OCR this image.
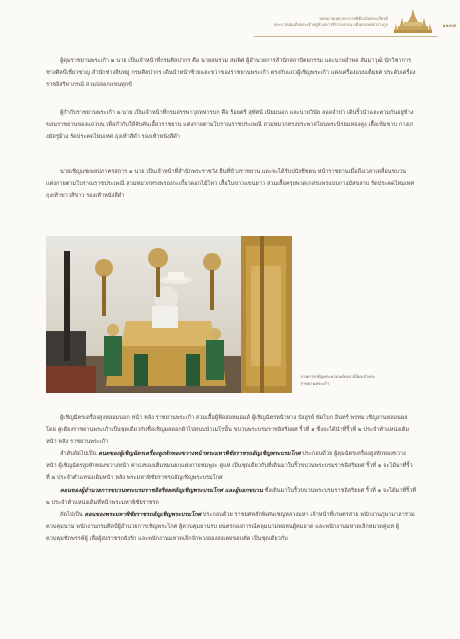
จดหมายเหตุ พระราชพิธีเฉลิมพระเกียรติ
พระบาทสมเด็จพระเจ้าอยู่หัวมหาวชิราลงกรณ บดินทรเทพยวรางกูร	๑๑๓๗

ผู้คุมราชยานพระเก้า ๒ นาย เป็นเจ้าหน้าที่กรมศิลปากร คือ นายสมรวม สมพิศ ผู้อำนวยการสำนักสถาปัตยกรรม และนายอำพล สัมมาวุฒิ นักวิชาการช่างศิลป์เชี่ยวชาญ สำนักช่างสิบหมู่ กรมศิลปากร เดินนำหน้าซ้ายและขวาของราชยานพระเก้า ตรงกับแถวผู้เชิญพระเก้า แต่งเครื่องแบบเต็มยศ ประดับเครื่องราชอิสริยาภรณ์ สวมปลอกแขนทุกข์

ผู้กำกับราชยานพระเก้า ๒ นาย เป็นเจ้าหน้าที่กรมสรรพาวุธทหารบก คือ ร้อยตรี สุทัศน์ เนียมนอก และนายวินัย ลออจำปา เดินริ้วนำและตามกันอยู่ข้างขอนราชยานของแถวบน เพื่อกำกับให้จับคันเอี้ยวราชยาน แต่งกายตามโบราณราชประเพณี สวมหมวกทรงประพาสโยนพระนิรยมทองคูง เสื้อเข้มขาบ กางเกงมัสรู่ม้วง รัดประคดไหมเทศ ถุงเท้าสีดำ รองเท้าหนังสีดำ

นายเชิญแซเพลปภาครสถาร ๑ นาย เป็นเจ้าหน้าที่สำนักพระราชวัง ยืนที่ข้างราชยาน และจะได้รับปบังชีชตน หน้าราชยานเมื่อถึงเวลาเคลื่อนขบวน แต่งกายตามโบราณราชประเพณี สวมหมวกทรงพรองกะเกี้ยวดอกไม้ไหว เสื้อในขาวแขนยาว สวมเสื้อครุยพวดเกสรแพรแบบกางมัสขลาบ รัดประคดไหมเทศ ถุงเท้าขาวสีขาว รองเท้าหนังสีดำ

ภาพการเชิญพระพาดนต์ทอง ที่นิยมจำพระราชยานพระเก้า

ผู้เชิญมีครเครื่องสูงหลอมนอก หน้า หลัง ราชยานพระเก้า สวมเสื้อผู้ฟ้อสอหมอมด์ ผู้เชิญฉัตรหน้าหาง บังสูรย์ พัดโบก อินทร์ พรหม เชิญงานหลอนผลโดย คู่เคียงราชยานพระเก้าเป็นชุดเดียวกับชื่อเชิญผลดอกผ้าไปหนบนำเมโรนั้น ขบวนพระบรมราชอิสริยยศ ริ้วที่ ๑ ซึ่งจะได้นำที่ริ้วที่ ๒ ประจำตำแหน่งเดิม หน้า หลัง ราชยานพระเก้า

ลำดับถัดไปเป็น คนตของผู้เชิญฉัตรเครื่องสูงหักทองขวางหน้าพระมหาพิชัยราชรถอัญเชิญพระบรมโกศ ประกอบด้วย ผู้คุมฉัตรเครื่องสูงหักทองขวางหน้า ผู้เชิญฉัตรสูงหักทองขวางหน้า ค่าธงของเต็มหมนยกแต่งกายชมพูงะ คู่แห่ เป็นชุดเดียวกับที่เดินมาในริ้วขบวนพระบรมราชอิสริยยศ ริ้วที่ ๑ จะได้มาที่ริ้วที่ ๒ ประจำตำแหน่งเดิมหน้า หลัง พระมหาพิชัยราชรถอัญเชิญพระบรมโกศ

คอนของผู้อำนวยการขบวนพระบรมราชอิสริยยศอัญเชิญพระบรมโกศ และผู้บอกขบวน ซึ่งเดินมาในริ้วขบวนพระบรมราชอิสริยยศ ริ้วที่ ๑ จะได้มาที่ริ้วที่ ๒ ประจำตำแหน่งเดิมที่หน้าพระมหาพิชัยราชรถ

ถัดไปเป็น คอนของพระมหาพิชัยราชรถอัญเชิญพระบรมโกศ ประกอบด้วย ราชยศหลักพิเศษเชญหลวงมหา เจ้าหน้าที่เกษตรสาย พนักงานภูษามาลาร่วมควบคุมนาม พนักงานกรมศิลป์ผู้อำนวยการเชิญพระโกศ ผู้ควบคุมยานรบ ยนตรกองการณ์คลุมนามพ่อหนผู้คมอาด และพนักงานมหาดเล็กหมวดคู่แห่ ผู้ควบคุมชักพรรค์ผู้ เสื่อผู้ส่งราชรถยังรัก และพนักงานมหาดเล็กจักพวงยองสงเคยขอบตัด เป็นชุดเดียวกับ
